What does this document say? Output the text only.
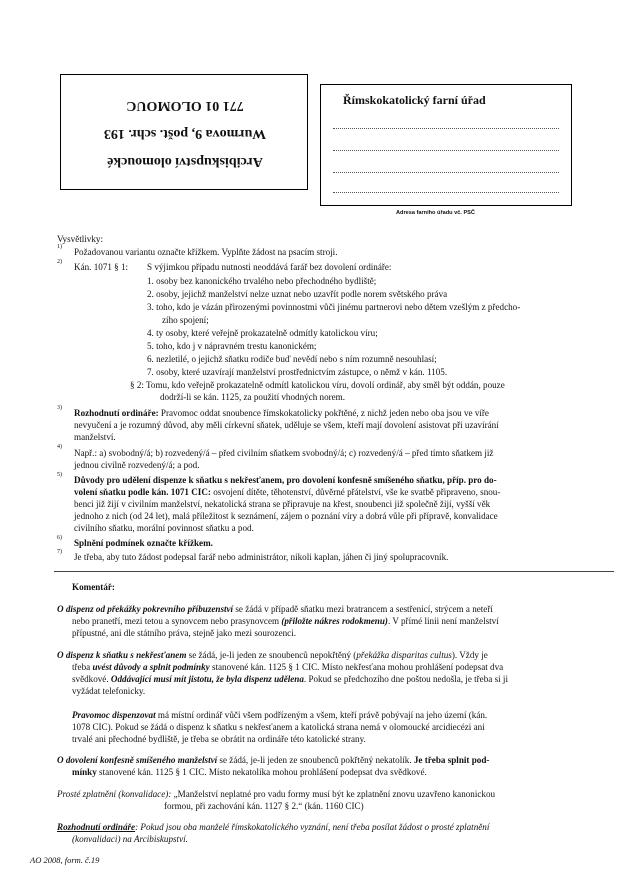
Arcibiskupství olomoucké
Wurmova 9, pošt. schr. 193
771 01 OLOMOUC	Římskokatolický farní úřad
Adresa farního úřadu vč. PSČ
Vysvětlivky:
1) Požadovanou variantu označte křížkem. Vyplňte žádost na psacím stroji.
2) Kán. 1071 § 1: S výjimkou případu nutnosti neoddává farář bez dovolení ordináře:
1. osoby bez kanonického trvalého nebo přechodného bydliště;
2. osoby, jejichž manželství nelze uznat nebo uzavřít podle norem světského práva
3. toho, kdo je vázán přirozenými povinnostmi vůči jinému partnerovi nebo dětem vzešlým z předcho-
zího spojení;
4. ty osoby, které veřejně prokazatelně odmítly katolickou víru;
5. toho, kdo j v nápravném trestu kanonickém;
6. nezletilé, o jejichž sňatku rodiče buď nevědí nebo s ním rozumně nesouhlasí;
7. osoby, které uzavírají manželství prostřednictvím zástupce, o němž v kán. 1105.
§ 2: Tomu, kdo veřejně prokazatelně odmítl katolickou víru, dovolí ordinář, aby směl být oddán, pouze
dodrží-li se kán. 1125, za použití vhodných norem.
3) Rozhodnutí ordináře: Pravomoc oddat snoubence římskokatolicky pokřtěné, z nichž jeden nebo oba jsou ve víře
nevyučení a je rozumný důvod, aby měli církevní sňatek, uděluje se všem, kteří mají dovolení asistovat při uzavírání
manželství.
4)
Např.: a) svobodný/á; b) rozvedený/á – před civilním sňatkem svobodný/á; c) rozvedený/á – před tímto sňatkem již
jednou civilně rozvedený/á; a pod.
5) Důvody pro udělení dispenze k sňatku s nekřesťanem, pro dovolení konfesně smíšeného sňatku, příp. pro do-
volení sňatku podle kán. 1071 CIC: osvojení dítěte, těhotenství, důvěrné přátelství, vše ke svatbě připraveno, snou-
benci již žijí v civilním manželství, nekatolická strana se připravuje na křest, snoubenci již společně žijí, vyšší věk
jednoho z nich (od 24 let), malá příležitost k seznámení, zájem o poznání víry a dobrá vůle při přípravě, konvalidace
civilního sňatku, morální povinnost sňatku a pod.
6) Splnění podmínek označte křížkem.
7) Je třeba, aby tuto žádost podepsal farář nebo administrátor, nikoli kaplan, jáhen či jiný spolupracovník.
Komentář:
O dispenz od překážky pokrevního příbuzenství se žádá v případě sňatku mezi bratrancem a sestřenicí, strýcem a neteří
nebo pranetří, mezi tetou a synovcem nebo prasynovcem (přiložte nákres rodokmenu). V přímé linii není manželství
přípustné, ani dle státního práva, stejně jako mezi sourozenci.
O dispenz k sňatku s nekřesťanem se žádá, je-li jeden ze snoubenců nepokřtěný (překážka disparitas cultus). Vždy je
třeba uvést důvody a splnit podmínky stanovené kán. 1125 § 1 CIC. Místo nekřesťana mohou prohlášení podepsat dva
svědkové. Oddávající musí mít jistotu, že byla dispenz udělena. Pokud se předchozího dne poštou nedošla, je třeba si ji
vyžádat telefonicky.
Pravomoc dispenzovat má místní ordinář vůči všem podřízeným a všem, kteří právě pobývají na jeho území (kán.
1078 CIC). Pokud se žádá o dispenz k sňatku s nekřesťanem a katolická strana nemá v olomoucké arcidiecézi ani
trvalé ani přechodné bydliště, je třeba se obrátit na ordináře této katolické strany.
O dovolení konfesně smíšeného manželství se žádá, je-li jeden ze snoubenců pokřtěný nekatolík. Je třeba splnit pod-
mínky stanovené kán. 1125 § 1 CIC. Místo nekatolíka mohou prohlášení podepsat dva svědkové.
Prosté zplatnění (konvalidace): „Manželství neplatné pro vadu formy musí být ke zplatnění znovu uzavřeno kanonickou
formou, při zachování kán. 1127 § 2.“ (kán. 1160 CIC)
Rozhodnutí ordináře: Pokud jsou oba manželé římskokatolického vyznání, není třeba posílat žádost o prosté zplatnění
(konvalidaci) na Arcibiskupství.
AO 2008, form. č.19
